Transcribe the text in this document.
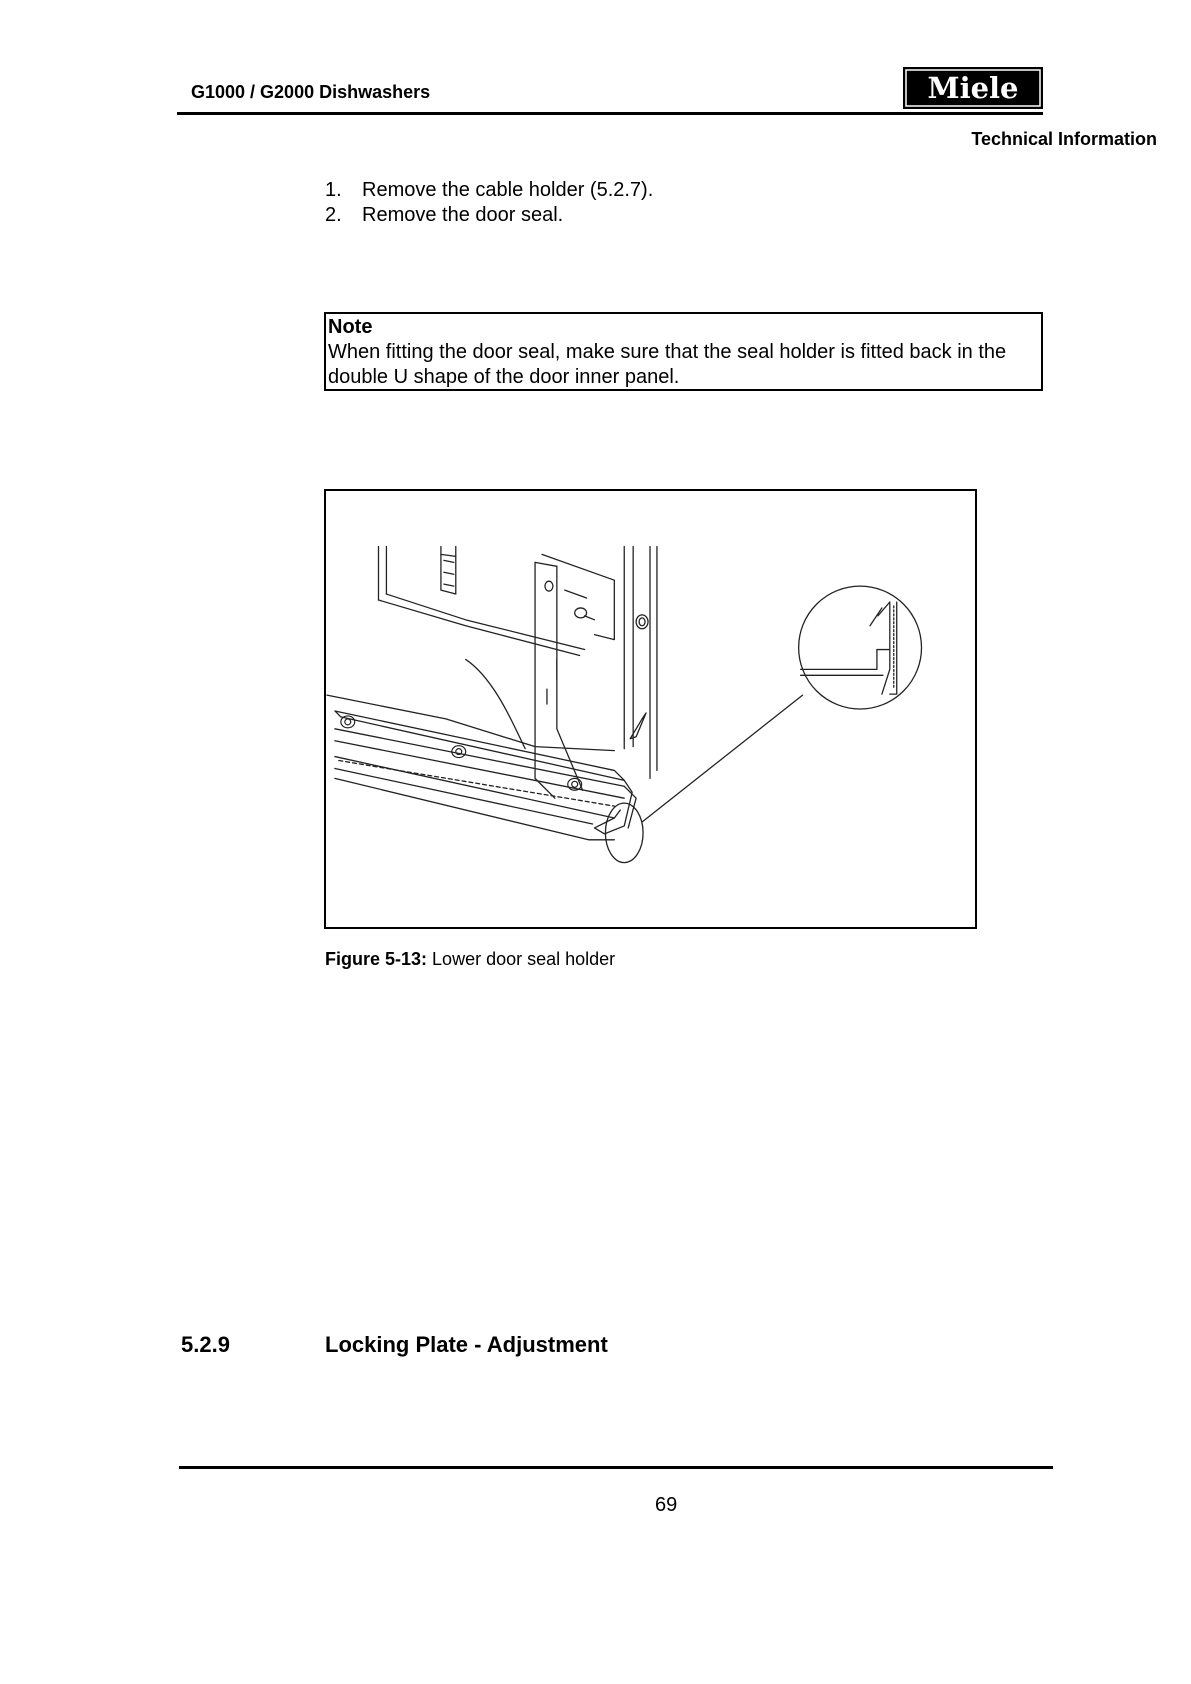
G1000 / G2000 Dishwashers	Miele
Technical Information
1.	Remove the cable holder (5.2.7).
2.	Remove the door seal.
Note
When fitting the door seal, make sure that the seal holder is fitted back in the double U shape of the door inner panel.
Figure 5-13: Lower door seal holder
5.2.9	Locking Plate - Adjustment
69
